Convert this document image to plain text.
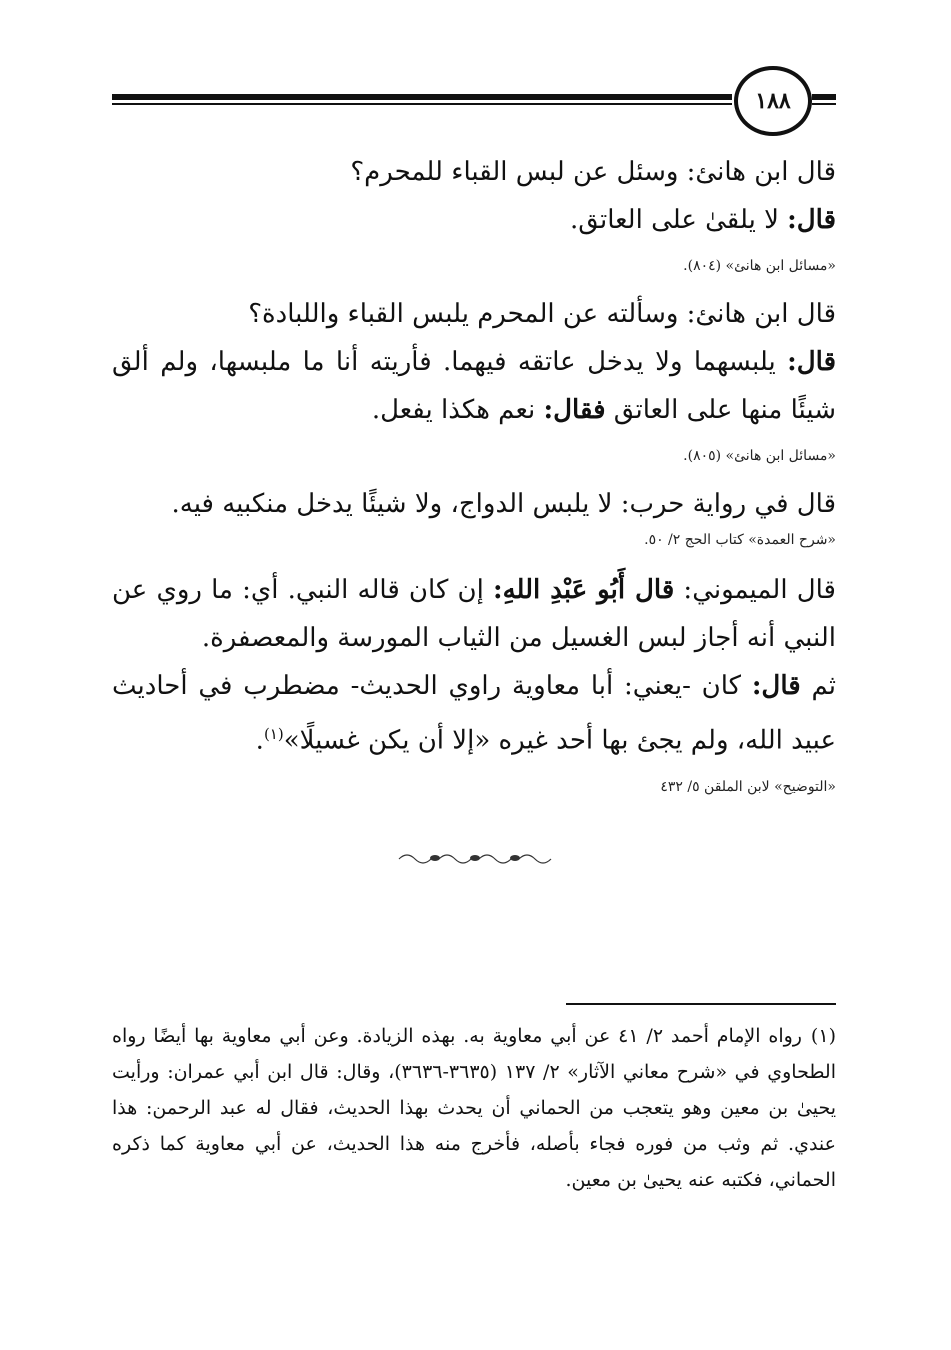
١٨٨

قال ابن هانئ: وسئل عن لبس القباء للمحرم؟

قال: لا يلقىٰ على العاتق.

«مسائل ابن هانئ» (٨٠٤).

قال ابن هانئ: وسألته عن المحرم يلبس القباء واللبادة؟

قال: يلبسهما ولا يدخل عاتقه فيهما. فأريته أنا ما ملبسها، ولم ألق شيئًا منها على العاتق فقال: نعم هكذا يفعل.

«مسائل ابن هانئ» (٨٠٥).

قال في رواية حرب: لا يلبس الدواج، ولا شيئًا يدخل منكبيه فيه.

«شرح العمدة» كتاب الحج ٢/ ٥٠.

قال الميموني: قال أَبُو عَبْدِ اللهِ: إن كان قاله النبي. أي: ما روي عن النبي أنه أجاز لبس الغسيل من الثياب المورسة والمعصفرة.

ثم قال: كان -يعني: أبا معاوية راوي الحديث- مضطرب في أحاديث عبيد الله، ولم يجئ بها أحد غيره «إلا أن يكن غسيلًا»$^{(١)}$.

«التوضيح» لابن الملقن ٥/ ٤٣٢

(١)رواه الإمام أحمد ٢/ ٤١ عن أبي معاوية به. بهذه الزيادة. وعن أبي معاوية بها أيضًا رواه الطحاوي في «شرح معاني الآثار» ٢/ ١٣٧ (٣٦٣٥-٣٦٣٦)، وقال: قال ابن أبي عمران: ورأيت يحيىٰ بن معين وهو يتعجب من الحماني أن يحدث بهذا الحديث، فقال له عبد الرحمن: هذا عندي. ثم وثب من فوره فجاء بأصله، فأخرج منه هذا الحديث، عن أبي معاوية كما ذكره الحماني، فكتبه عنه يحيىٰ بن معين.
